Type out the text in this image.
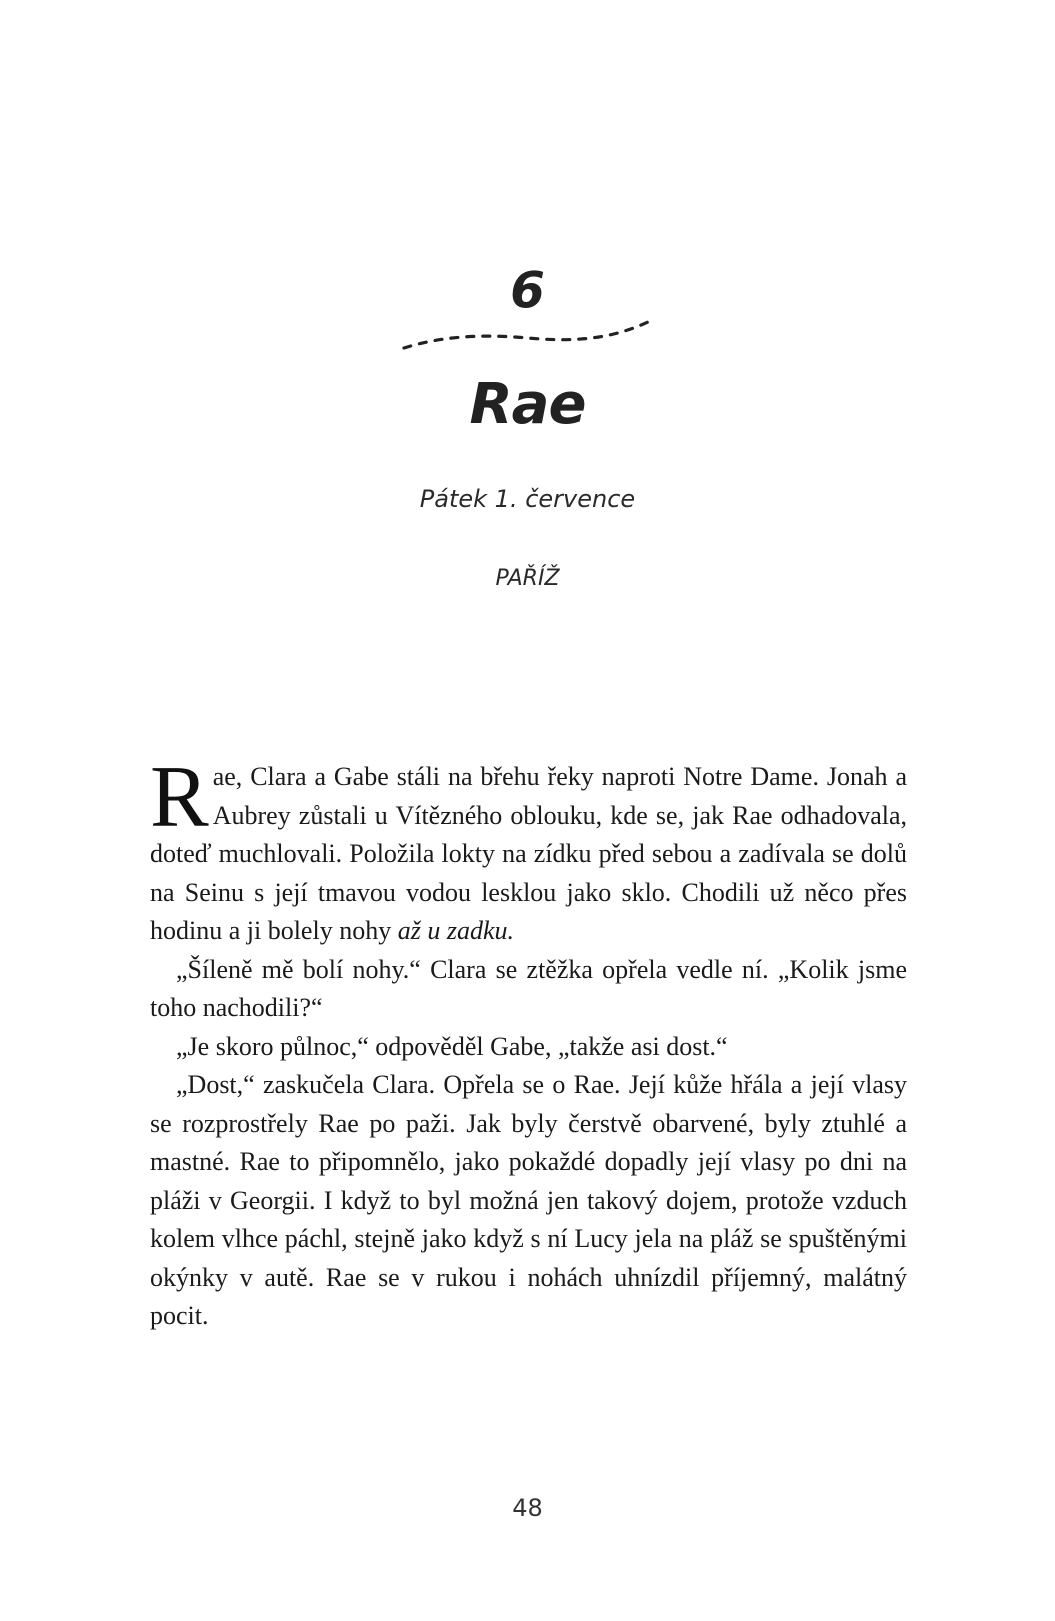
6
Rae
Pátek 1. července
PAŘÍŽ

Rae, Clara a Gabe stáli na břehu řeky naproti Notre Dame. Jonah a Aubrey zůstali u Vítězného oblouku, kde se, jak Rae odhadovala, doteď muchlovali. Položila lokty na zídku před sebou a zadívala se dolů na Seinu s její tmavou vodou lesklou jako sklo. Chodili už něco přes hodinu a ji bolely nohy až u zadku.

„Šíleně mě bolí nohy.“ Clara se ztěžka opřela vedle ní. „Kolik jsme toho nachodili?“

„Je skoro půlnoc,“ odpověděl Gabe, „takže asi dost.“

„Dost,“ zaskučela Clara. Opřela se o Rae. Její kůže hřála a její vlasy se rozprostřely Rae po paži. Jak byly čerstvě obarvené, byly ztuhlé a mastné. Rae to připomnělo, jako pokaždé dopadly její vlasy po dni na pláži v Georgii. I když to byl možná jen takový dojem, protože vzduch kolem vlhce páchl, stejně jako když s ní Lucy jela na pláž se spuštěnými okýnky v autě. Rae se v rukou i nohách uhnízdil příjemný, malátný pocit.

48
